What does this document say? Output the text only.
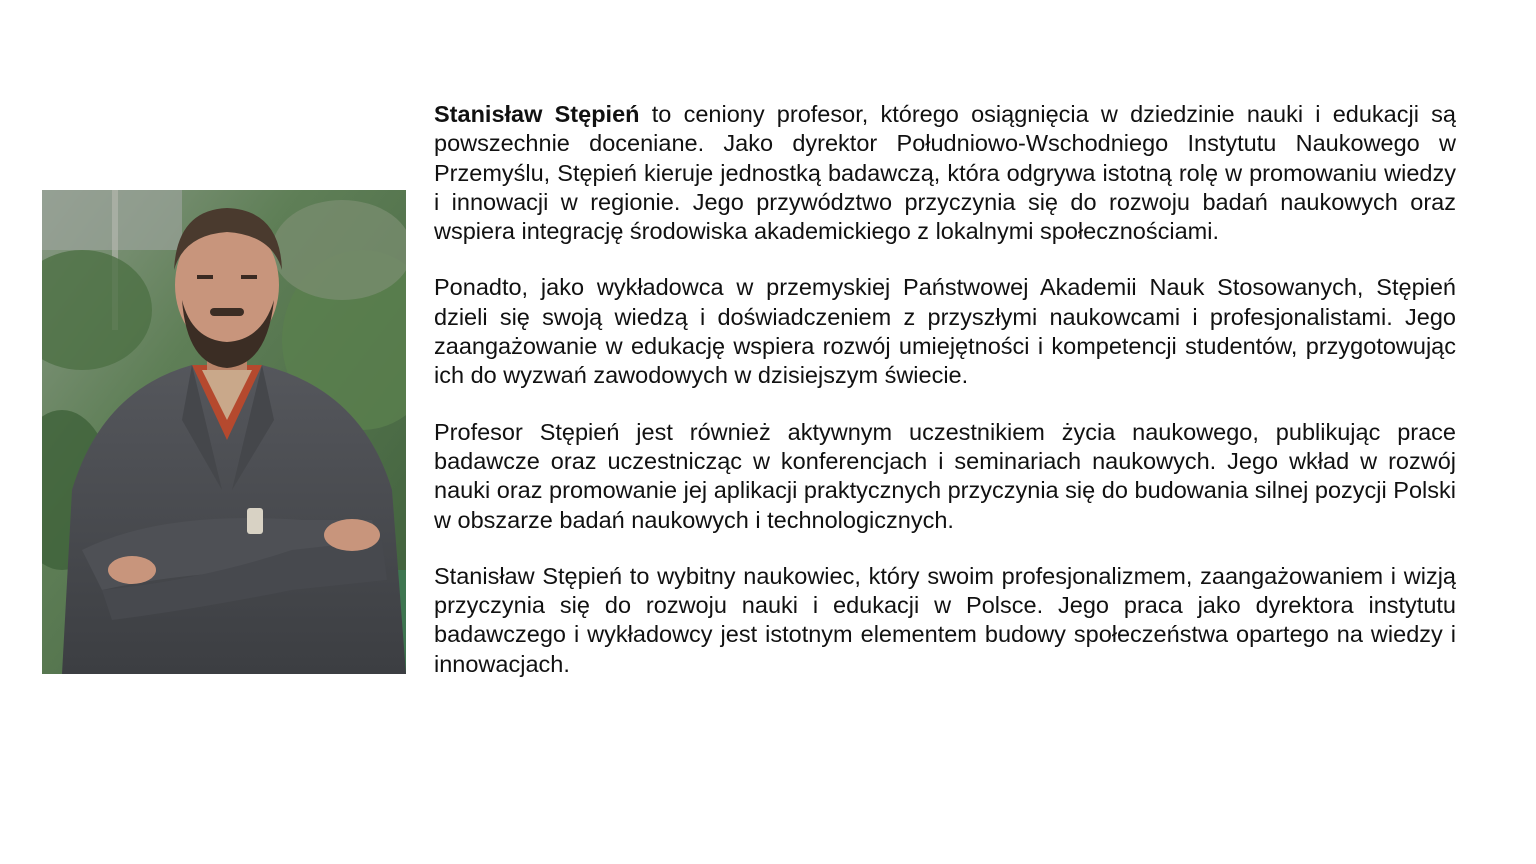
Stanisław Stępień to ceniony profesor, którego osiągnięcia w dziedzinie nauki i edukacji są powszechnie doceniane. Jako dyrektor Południowo-Wschodniego Instytutu Naukowego w Przemyślu, Stępień kieruje jednostką badawczą, która odgrywa istotną rolę w promowaniu wiedzy i innowacji w regionie. Jego przywództwo przyczynia się do rozwoju badań naukowych oraz wspiera integrację środowiska akademickiego z lokalnymi społecznościami.

Ponadto, jako wykładowca w przemyskiej Państwowej Akademii Nauk Stosowanych, Stępień dzieli się swoją wiedzą i doświadczeniem z przyszłymi naukowcami i profesjonalistami. Jego zaangażowanie w edukację wspiera rozwój umiejętności i kompetencji studentów, przygotowując ich do wyzwań zawodowych w dzisiejszym świecie.

Profesor Stępień jest również aktywnym uczestnikiem życia naukowego, publikując prace badawcze oraz uczestnicząc w konferencjach i seminariach naukowych. Jego wkład w rozwój nauki oraz promowanie jej aplikacji praktycznych przyczynia się do budowania silnej pozycji Polski w obszarze badań naukowych i technologicznych.

Stanisław Stępień to wybitny naukowiec, który swoim profesjonalizmem, zaangażowaniem i wizją przyczynia się do rozwoju nauki i edukacji w Polsce. Jego praca jako dyrektora instytutu badawczego i wykładowcy jest istotnym elementem budowy społeczeństwa opartego na wiedzy i innowacjach.
